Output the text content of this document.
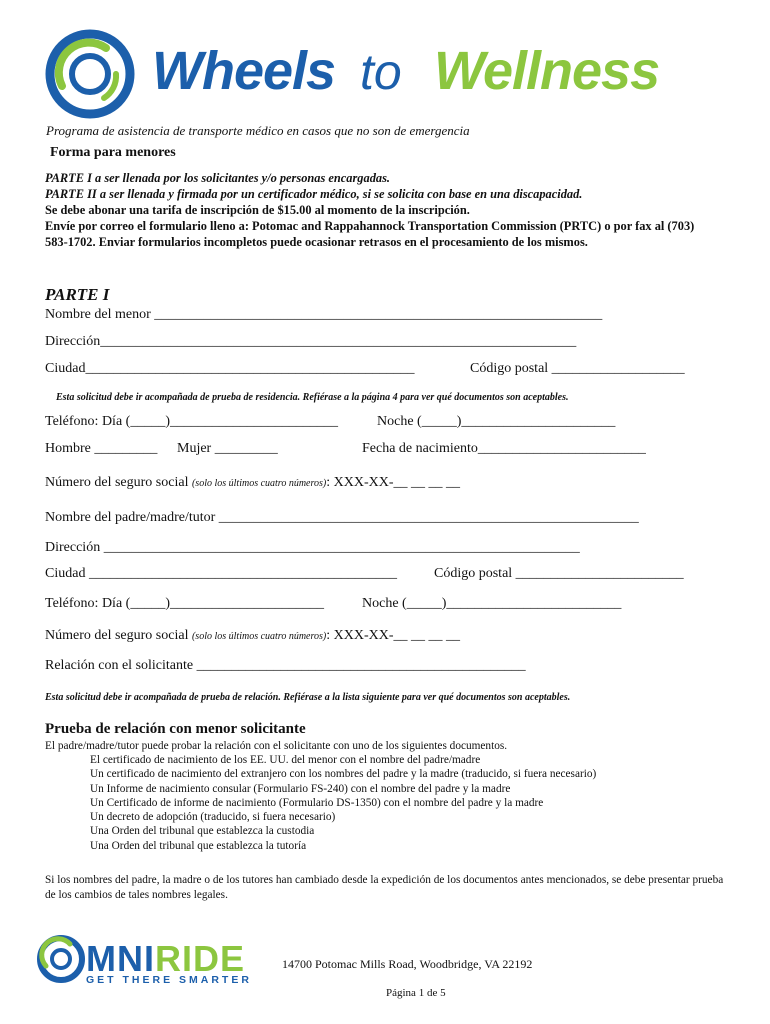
Wheels to Wellness
Programa de asistencia de transporte médico en casos que no son de emergencia
Forma para menores
PARTE I a ser llenada por los solicitantes y/o personas encargadas.
PARTE II a ser llenada y firmada por un certificador médico, si se solicita con base en una discapacidad.
Se debe abonar una tarifa de inscripción de $15.00 al momento de la inscripción.
Envíe por correo el formulario lleno a: Potomac and Rappahannock Transportation Commission (PRTC) o por fax al (703) 583-1702. Enviar formularios incompletos puede ocasionar retrasos en el procesamiento de los mismos.
PARTE I
Nombre del menor ________________________________________________________________
Dirección____________________________________________________________________
Ciudad_______________________________________________	Código postal ___________________
Esta solicitud debe ir acompañada de prueba de residencia. Refiérase a la página 4 para ver qué documentos son aceptables.
Teléfono: Día (_____)________________________	Noche (_____)______________________
Hombre _________ Mujer _________	Fecha de nacimiento________________________
Número del seguro social (solo los últimos cuatro números): XXX-XX-__ __ __ __
Nombre del padre/madre/tutor ____________________________________________________________
Dirección ____________________________________________________________________
Ciudad ____________________________________________	Código postal ________________________
Teléfono: Día (_____)______________________	Noche (_____)_________________________
Número del seguro social (solo los últimos cuatro números): XXX-XX-__ __ __ __
Relación con el solicitante _______________________________________________
Esta solicitud debe ir acompañada de prueba de relación. Refiérase a la lista siguiente para ver qué documentos son aceptables.
Prueba de relación con menor solicitante
El padre/madre/tutor puede probar la relación con el solicitante con uno de los siguientes documentos.
El certificado de nacimiento de los EE. UU. del menor con el nombre del padre/madre
Un certificado de nacimiento del extranjero con los nombres del padre y la madre (traducido, si fuera necesario)
Un Informe de nacimiento consular (Formulario FS-240) con el nombre del padre y la madre
Un Certificado de informe de nacimiento (Formulario DS-1350) con el nombre del padre y la madre
Un decreto de adopción (traducido, si fuera necesario)
Una Orden del tribunal que establezca la custodia
Una Orden del tribunal que establezca la tutoría
Si los nombres del padre, la madre o de los tutores han cambiado desde la expedición de los documentos antes mencionados, se debe presentar prueba de los cambios de tales nombres legales.
MNIRIDE
GET THERE SMARTER
14700 Potomac Mills Road, Woodbridge, VA 22192
Página 1 de 5
